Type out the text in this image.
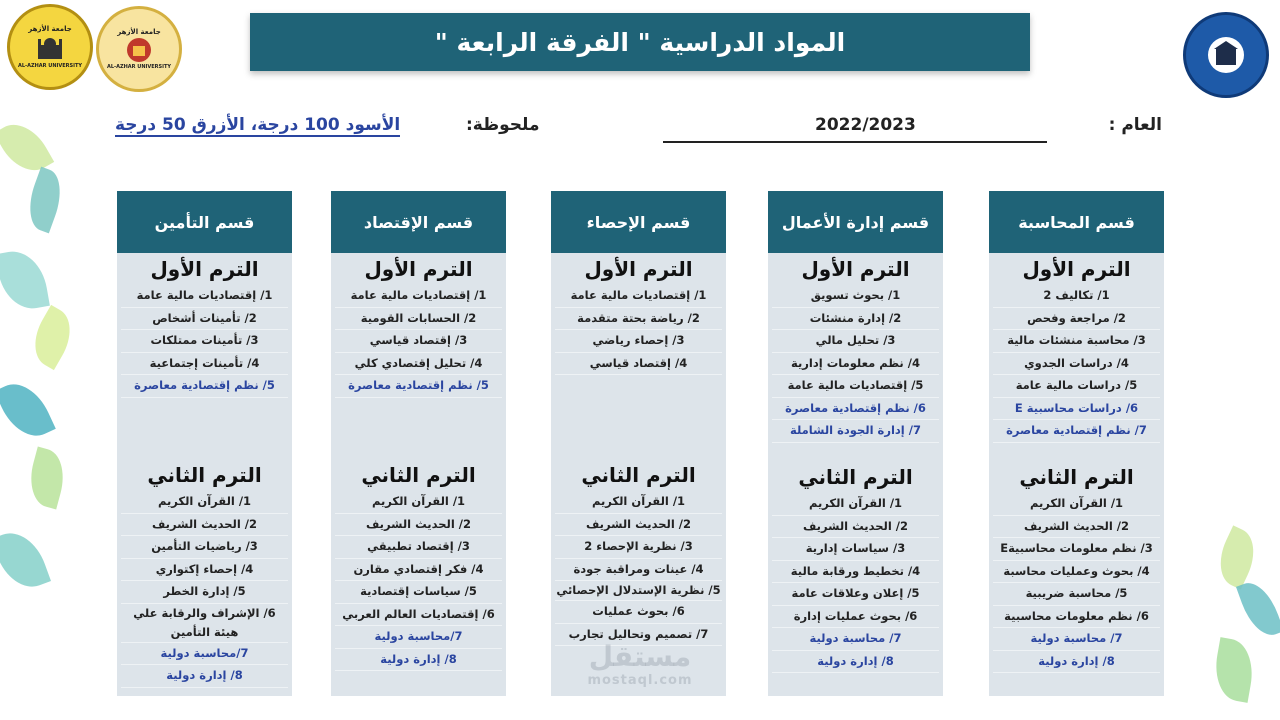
جامعة الأزهر
AL-AZHAR UNIVERSITY
جامعة الأزهر
AL-AZHAR UNIVERSITY
المواد الدراسية " الفرقة الرابعة "
العام :
2022/2023
ملحوظة:
الأسود 100 درجة، الأزرق 50 درجة
قسم المحاسبة
الترم الأول
1/ تكاليف 2
2/ مراجعة وفحص
3/ محاسبة منشئات مالية
4/ دراسات الجدوي
5/ دراسات مالية عامة
6/ دراسات محاسبية E
7/ نظم إقتصادية معاصرة
الترم الثاني
1/ القرآن الكريم
2/ الحديث الشريف
3/ نظم معلومات محاسبيةE
4/ بحوث وعمليات محاسبة
5/ محاسبة ضريبية
6/ نظم معلومات محاسبية
7/ محاسبة دولية
8/ إدارة دولية
قسم إدارة الأعمال
الترم الأول
1/ بحوث تسويق
2/ إدارة منشئات
3/ تحليل مالي
4/ نظم معلومات إدارية
5/ إقتصاديات مالية عامة
6/ نظم إقتصادية معاصرة
7/ إدارة الجودة الشاملة
الترم الثاني
1/ القرآن الكريم
2/ الحديث الشريف
3/ سياسات إدارية
4/ تخطيط ورقابة مالية
5/ إعلان وعلاقات عامة
6/ بحوث عمليات إدارة
7/ محاسبة دولية
8/ إدارة دولية
قسم الإحصاء
الترم الأول
1/ إقتصاديات مالية عامة
2/ رياضة بحتة متقدمة
3/ إحصاء رياضي
4/ إقتصاد قياسي
الترم الثاني
1/ القرآن الكريم
2/ الحديث الشريف
3/ نظرية الإحصاء 2
4/ عينات ومراقبة جودة
5/ نظرية الإستدلال الإحصائي
6/ بحوث عمليات
7/ تصميم وتحاليل تجارب
قسم الإقتصاد
الترم الأول
1/ إقتصاديات مالية عامة
2/ الحسابات القومية
3/ إقتصاد قياسي
4/ تحليل إقتصادي كلي
5/ نظم إقتصادية معاصرة
الترم الثاني
1/ القرآن الكريم
2/ الحديث الشريف
3/ إقتصاد تطبيقي
4/ فكر إقتصادي مقارن
5/ سياسات إقتصادية
6/ إقتصاديات العالم العربي
7/محاسبة دولية
8/ إدارة دولية
قسم التأمين
الترم الأول
1/ إقتصاديات مالية عامة
2/ تأمينات أشخاص
3/ تأمينات ممتلكات
4/ تأمينات إجتماعية
5/ نظم إقتصادية معاصرة
الترم الثاني
1/ القرآن الكريم
2/ الحديث الشريف
3/ رياضيات التأمين
4/ إحصاء إكتواري
5/ إدارة الخطر
6/ الإشراف والرقابة علي هيئة التأمين
7/محاسبة دولية
8/ إدارة دولية
مستقل
mostaql.com
